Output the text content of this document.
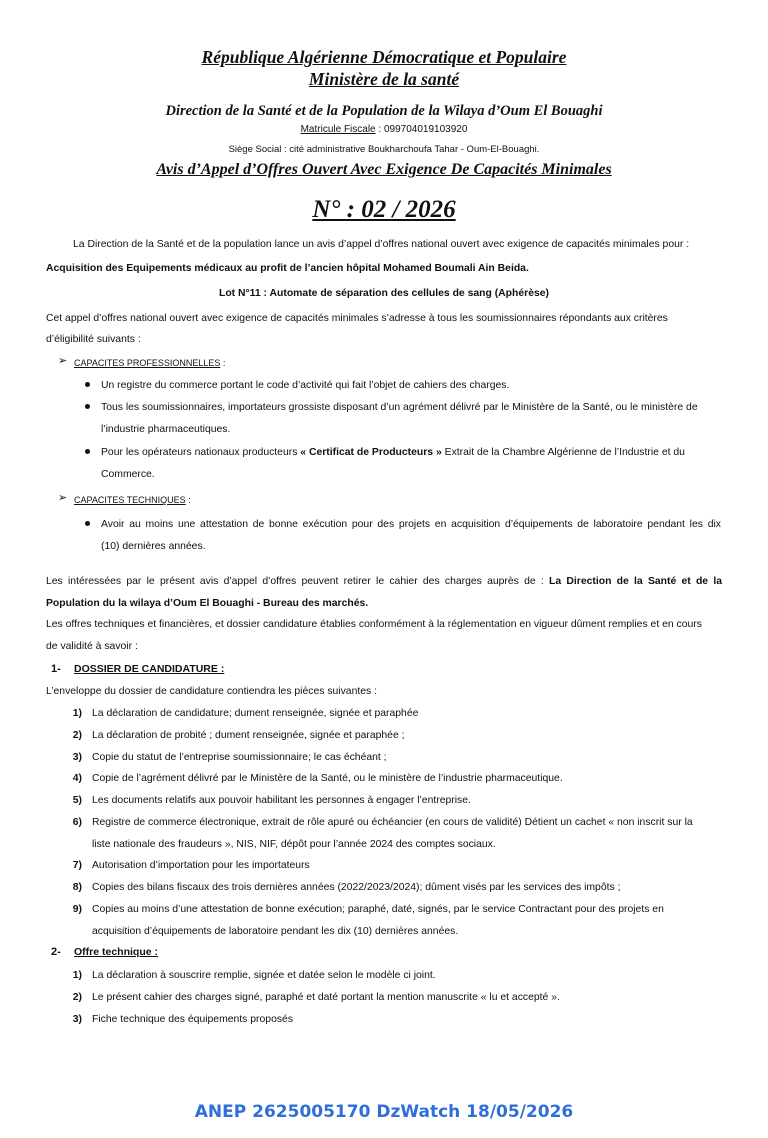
République Algérienne Démocratique et Populaire
Ministère de la santé
Direction de la Santé et de la Population de la Wilaya d’Oum El Bouaghi
Matricule Fiscale : 099704019103920
Siège Social : cité administrative Boukharchoufa Tahar - Oum-El-Bouaghi.
Avis d’Appel d’Offres Ouvert Avec Exigence De Capacités Minimales
N° : 02 / 2026
La Direction de la Santé et de la population lance un avis d’appel d’offres national ouvert avec exigence de capacités minimales pour :
Acquisition des Equipements médicaux au profit de l’ancien hôpital Mohamed Boumali Ain Beida.
Lot N°11 : Automate de séparation des cellules de sang (Aphérèse)
Cet appel d’offres national ouvert avec exigence de capacités minimales s’adresse à tous les soumissionnaires répondants aux critères
d’éligibilité suivants :
➢ CAPACITES PROFESSIONNELLES :
Un registre du commerce portant le code d’activité qui fait l’objet de cahiers des charges.
Tous les soumissionnaires, importateurs grossiste disposant d’un agrément délivré par le Ministère de la Santé, ou le ministère de
l’industrie pharmaceutiques.
Pour les opérateurs nationaux producteurs « Certificat de Producteurs » Extrait de la Chambre Algérienne de l’Industrie et du
Commerce.
➢ CAPACITES TECHNIQUES :
Avoir au moins une attestation de bonne exécution pour des projets en acquisition d’équipements de laboratoire pendant les dix
(10) dernières années.
Les intéressées par le présent avis d’appel d’offres peuvent retirer le cahier des charges auprès de : La Direction de la Santé et de la
Population du la wilaya d’Oum El Bouaghi - Bureau des marchés.
Les offres techniques et financières, et dossier candidature établies conformément à la réglementation en vigueur dûment remplies et en cours
de validité à savoir :
1- DOSSIER DE CANDIDATURE :
L’enveloppe du dossier de candidature contiendra les pièces suivantes :
1) La déclaration de candidature; dument renseignée, signée et paraphée
2) La déclaration de probité ; dument renseignée, signée et paraphée ;
3) Copie du statut de l’entreprise soumissionnaire; le cas échéant ;
4) Copie de l’agrément délivré par le Ministère de la Santé, ou le ministère de l’industrie pharmaceutique.
5) Les documents relatifs aux pouvoir habilitant les personnes à engager l’entreprise.
6) Registre de commerce électronique, extrait de rôle apuré ou échéancier (en cours de validité) Détient un cachet « non inscrit sur la
liste nationale des fraudeurs », NIS, NIF, dépôt pour l’année 2024 des comptes sociaux.
7) Autorisation d’importation pour les importateurs
8) Copies des bilans fiscaux des trois dernières années (2022/2023/2024); dûment visés par les services des impôts ;
9) Copies au moins d’une attestation de bonne exécution; paraphé, daté, signés, par le service Contractant pour des projets en
acquisition d’équipements de laboratoire pendant les dix (10) dernières années.
2- Offre technique :
1) La déclaration à souscrire remplie, signée et datée selon le modèle ci joint.
2) Le présent cahier des charges signé, paraphé et daté portant la mention manuscrite « lu et accepté ».
3) Fiche technique des équipements proposés
ANEP 2625005170 DzWatch 18/05/2026
